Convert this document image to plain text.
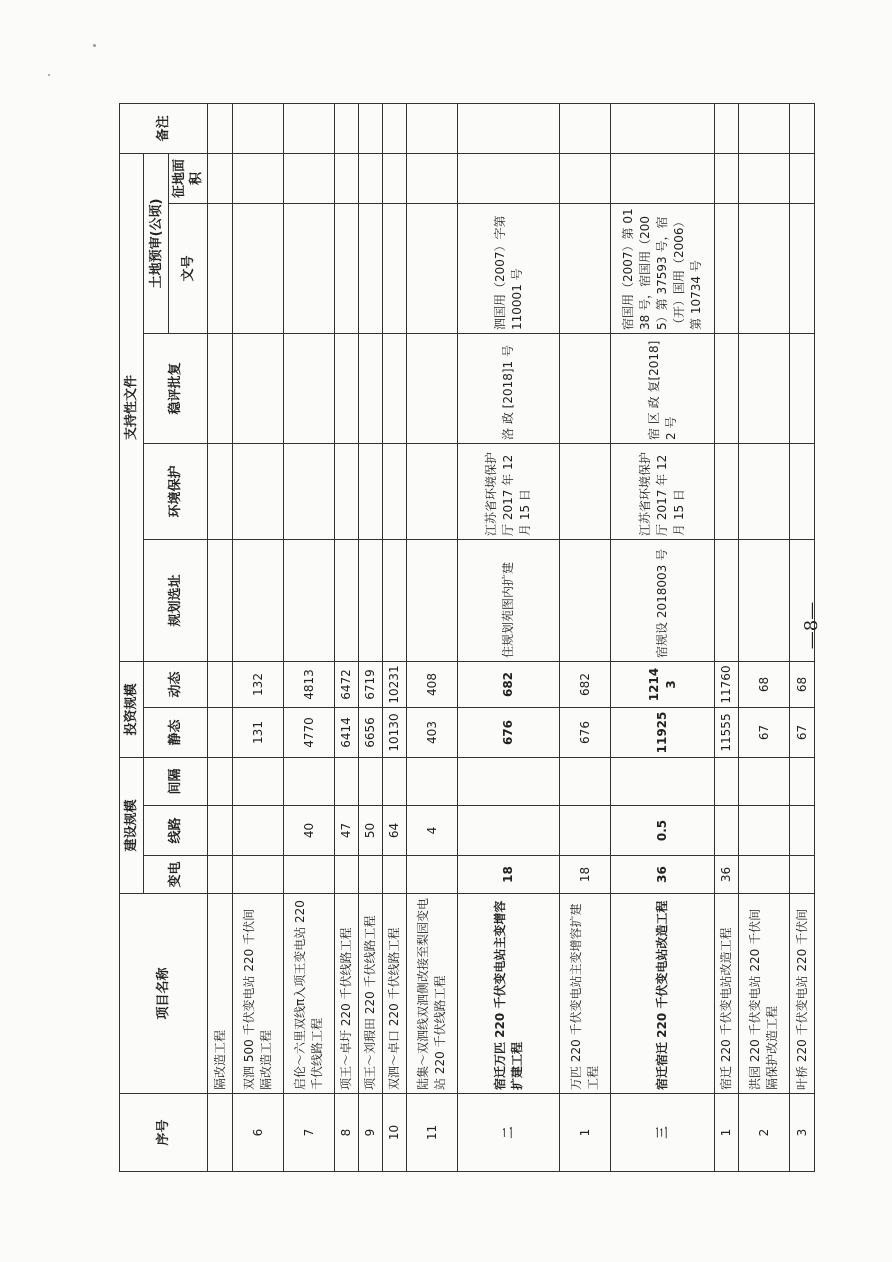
序号	项目名称	建设规模			投资规模		支持性文件					备注
		变电	线路	间隔	静态	动态	规划选址	环境保护	稳评批复	土地预审(公顷)		
										文号	征地面积	
	隔改造工程											
6	双泗 500 千伏变电站 220 千伏间隔改造工程				131	132						
7	启伦～六里双线π入项王变电站 220 千伏线路工程		40		4770	4813						
8	项王～卓圩 220 千伏线路工程		47		6414	6472						
9	项王～刘瑕田 220 千伏线路工程		50		6656	6719						
10	双泗～卓口 220 千伏线路工程		64		10130	10231						
11	陆集～双泗线双泗侧改接至梨园变电站 220 千伏线路工程		4		403	408						
二	宿迁万匹 220 千伏变电站主变增容扩建工程	18			676	682	住规划苑图内扩建	江苏省环境保护厅 2017 年 12 月 15 日	洛 政 [2018]1 号	泗国用（2007）字第 110001 号		
1	万匹 220 千伏变电站主变增容扩建工程	18			676	682						
三	宿迁宿迁 220 千伏变电站改造工程	36	0.5		11925	12143	宿规设 2018003 号	江苏省环境保护厅 2017 年 12 月 15 日	宿 区 政 复[2018]2 号	宿国用（2007）第 0138 号，宿国用（2005）第 37593 号，宿（开）国用（2006）第 10734 号		
1	宿迁 220 千伏变电站改造工程	36			11555	11760						
2	洪园 220 千伏变电站 220 千伏间隔保护改造工程				67	68						
3	叶桥 220 千伏变电站 220 千伏间				67	68						
—8—
